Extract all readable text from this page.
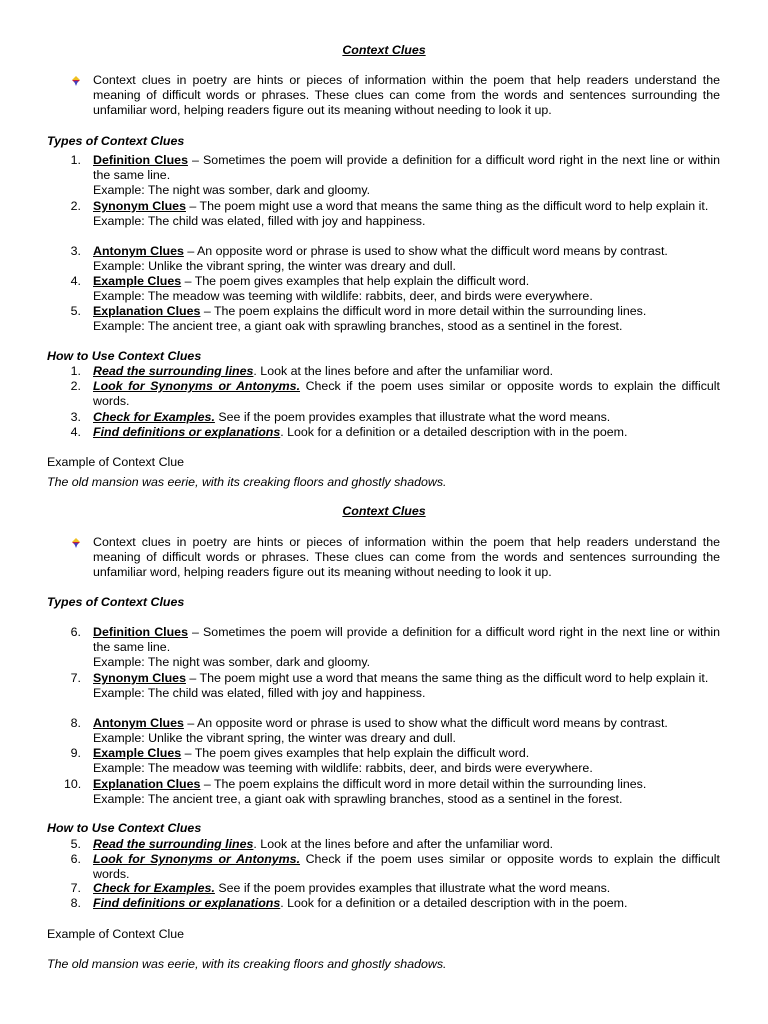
Context Clues
Context clues in poetry are hints or pieces of information within the poem that help readers understand the meaning of difficult words or phrases. These clues can come from the words and sentences surrounding the unfamiliar word, helping readers figure out its meaning without needing to look it up.
Types of Context Clues
1. Definition Clues – Sometimes the poem will provide a definition for a difficult word right in the next line or within the same line.
Example: The night was somber, dark and gloomy.
2. Synonym Clues – The poem might use a word that means the same thing as the difficult word to help explain it.
Example: The child was elated, filled with joy and happiness.
3. Antonym Clues – An opposite word or phrase is used to show what the difficult word means by contrast.
Example: Unlike the vibrant spring, the winter was dreary and dull.
4. Example Clues – The poem gives examples that help explain the difficult word.
Example: The meadow was teeming with wildlife: rabbits, deer, and birds were everywhere.
5. Explanation Clues – The poem explains the difficult word in more detail within the surrounding lines.
Example: The ancient tree, a giant oak with sprawling branches, stood as a sentinel in the forest.
How to Use Context Clues
1. Read the surrounding lines. Look at the lines before and after the unfamiliar word.
2. Look for Synonyms or Antonyms. Check if the poem uses similar or opposite words to explain the difficult words.
3. Check for Examples. See if the poem provides examples that illustrate what the word means.
4. Find definitions or explanations. Look for a definition or a detailed description with in the poem.
Example of Context Clue
The old mansion was eerie, with its creaking floors and ghostly shadows.
Context Clues
Context clues in poetry are hints or pieces of information within the poem that help readers understand the meaning of difficult words or phrases. These clues can come from the words and sentences surrounding the unfamiliar word, helping readers figure out its meaning without needing to look it up.
Types of Context Clues
6. Definition Clues – Sometimes the poem will provide a definition for a difficult word right in the next line or within the same line.
Example: The night was somber, dark and gloomy.
7. Synonym Clues – The poem might use a word that means the same thing as the difficult word to help explain it.
Example: The child was elated, filled with joy and happiness.
8. Antonym Clues – An opposite word or phrase is used to show what the difficult word means by contrast.
Example: Unlike the vibrant spring, the winter was dreary and dull.
9. Example Clues – The poem gives examples that help explain the difficult word.
Example: The meadow was teeming with wildlife: rabbits, deer, and birds were everywhere.
10. Explanation Clues – The poem explains the difficult word in more detail within the surrounding lines.
Example: The ancient tree, a giant oak with sprawling branches, stood as a sentinel in the forest.
How to Use Context Clues
5. Read the surrounding lines. Look at the lines before and after the unfamiliar word.
6. Look for Synonyms or Antonyms. Check if the poem uses similar or opposite words to explain the difficult words.
7. Check for Examples. See if the poem provides examples that illustrate what the word means.
8. Find definitions or explanations. Look for a definition or a detailed description with in the poem.
Example of Context Clue
The old mansion was eerie, with its creaking floors and ghostly shadows.
